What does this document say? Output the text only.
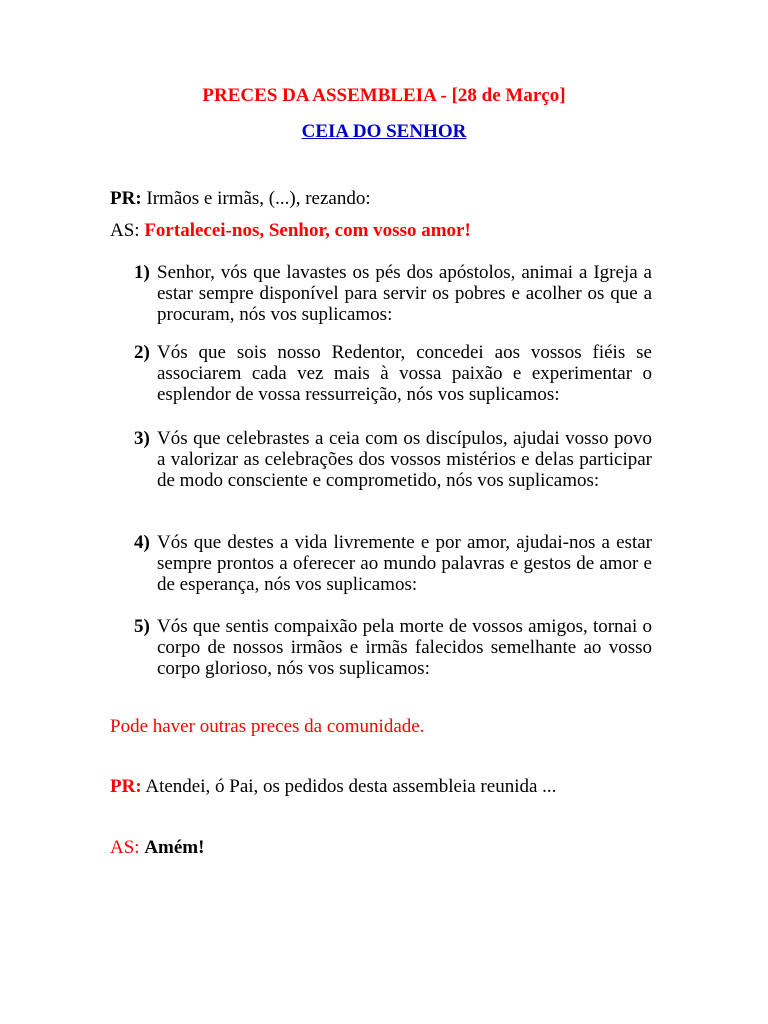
PRECES DA ASSEMBLEIA - [28 de Março]
CEIA DO SENHOR
PR: Irmãos e irmãs, (...), rezando:
AS: Fortalecei-nos, Senhor, com vosso amor!
1) Senhor, vós que lavastes os pés dos apóstolos, animai a Igreja a estar sempre disponível para servir os pobres e acolher os que a procuram, nós vos suplicamos:
2) Vós que sois nosso Redentor, concedei aos vossos fiéis se associarem cada vez mais à vossa paixão e experimentar o esplendor de vossa ressurreição, nós vos suplicamos:
3) Vós que celebrastes a ceia com os discípulos, ajudai vosso povo a valorizar as celebrações dos vossos mistérios e delas participar de modo consciente e comprometido, nós vos suplicamos:
4) Vós que destes a vida livremente e por amor, ajudai-nos a estar sempre prontos a oferecer ao mundo palavras e gestos de amor e de esperança, nós vos suplicamos:
5) Vós que sentis compaixão pela morte de vossos amigos, tornai o corpo de nossos irmãos e irmãs falecidos semelhante ao vosso corpo glorioso, nós vos suplicamos:
Pode haver outras preces da comunidade.
PR: Atendei, ó Pai, os pedidos desta assembleia reunida ...
AS: Amém!
